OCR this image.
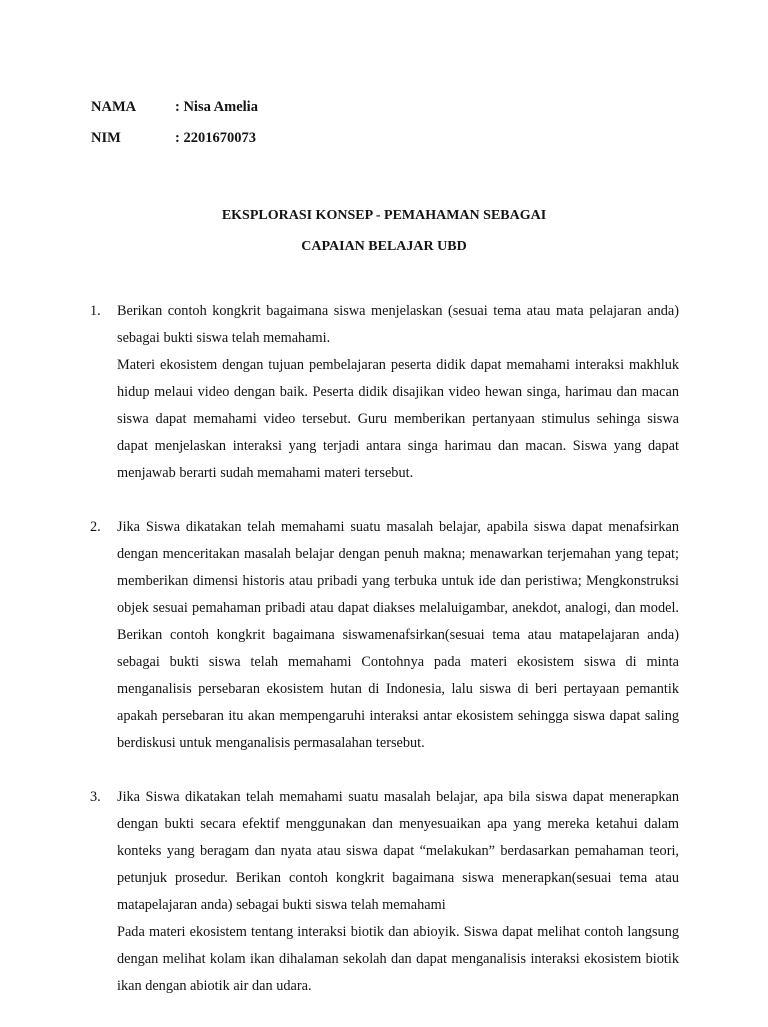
NAMA	: Nisa Amelia
NIM	: 2201670073
EKSPLORASI KONSEP - PEMAHAMAN SEBAGAI
CAPAIAN BELAJAR UBD
1.	Berikan contoh kongkrit bagaimana siswa menjelaskan (sesuai tema atau mata pelajaran anda) sebagai bukti siswa telah memahami.

Materi ekosistem dengan tujuan pembelajaran peserta didik dapat memahami interaksi makhluk hidup melaui video dengan baik. Peserta didik disajikan video hewan singa, harimau dan macan siswa dapat memahami video tersebut. Guru memberikan pertanyaan stimulus sehinga siswa dapat menjelaskan interaksi yang terjadi antara singa harimau dan macan. Siswa yang dapat menjawab berarti sudah memahami materi tersebut.

2.	Jika Siswa dikatakan telah memahami suatu masalah belajar, apabila siswa dapat menafsirkan dengan menceritakan masalah belajar dengan penuh makna; menawarkan terjemahan yang tepat; memberikan dimensi historis atau pribadi yang terbuka untuk ide dan peristiwa; Mengkonstruksi objek sesuai pemahaman pribadi atau dapat diakses melaluigambar, anekdot, analogi, dan model. Berikan contoh kongkrit bagaimana siswamenafsirkan(sesuai tema atau matapelajaran anda) sebagai bukti siswa telah memahami Contohnya pada materi ekosistem siswa di minta menganalisis persebaran ekosistem hutan di Indonesia, lalu siswa di beri pertayaan pemantik apakah persebaran itu akan mempengaruhi interaksi antar ekosistem sehingga siswa dapat saling berdiskusi untuk menganalisis permasalahan tersebut.

3.	Jika Siswa dikatakan telah memahami suatu masalah belajar, apa bila siswa dapat menerapkan dengan bukti secara efektif menggunakan dan menyesuaikan apa yang mereka ketahui dalam konteks yang beragam dan nyata atau siswa dapat “melakukan” berdasarkan pemahaman teori, petunjuk prosedur. Berikan contoh kongkrit bagaimana siswa menerapkan(sesuai tema atau matapelajaran anda) sebagai bukti siswa telah memahami

Pada materi ekosistem tentang interaksi biotik dan abioyik. Siswa dapat melihat contoh langsung dengan melihat kolam ikan dihalaman sekolah dan dapat menganalisis interaksi ekosistem biotik ikan dengan abiotik air dan udara.
